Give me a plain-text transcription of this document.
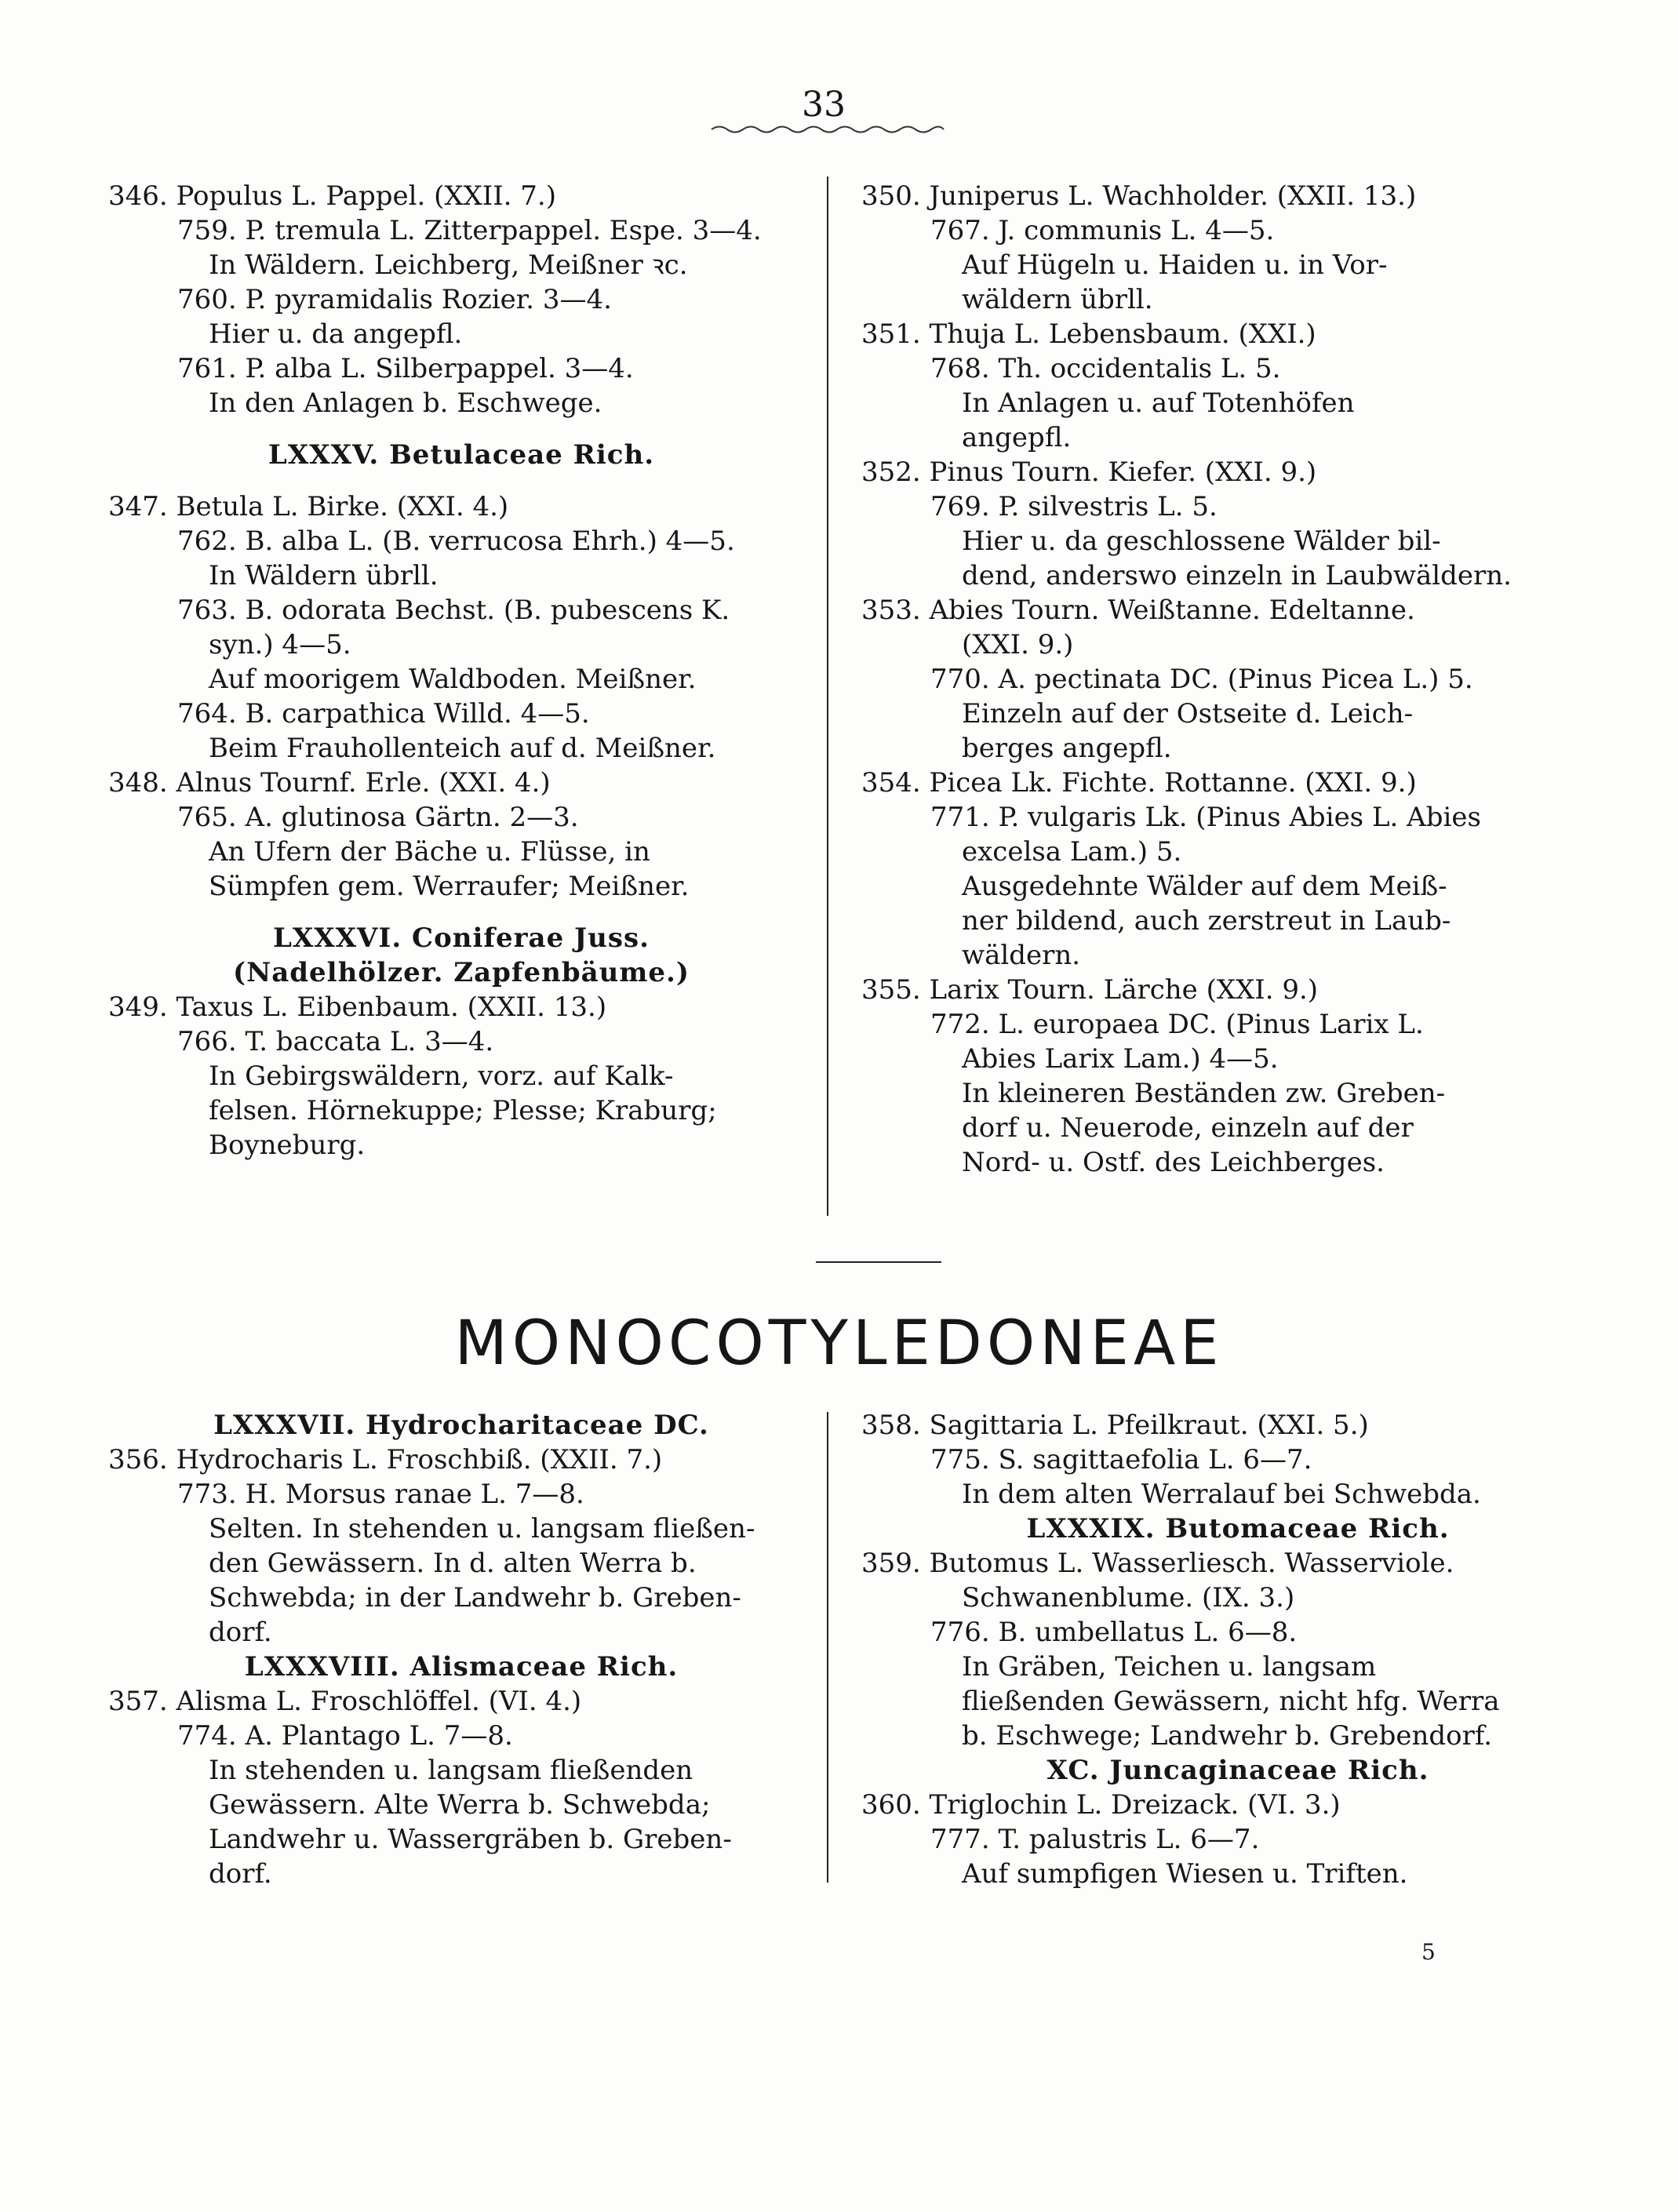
33
346. Populus L. Pappel. (XXII. 7.)
759. P. tremula L. Zitterpappel. Espe. 3—4.
In Wäldern. Leichberg, Meißner ꝛc.
760. P. pyramidalis Rozier. 3—4.
Hier u. da angepfl.
761. P. alba L. Silberpappel. 3—4.
In den Anlagen b. Eschwege.
LXXXV. Betulaceae Rich.
347. Betula L. Birke. (XXI. 4.)
762. B. alba L. (B. verrucosa Ehrh.) 4—5.
In Wäldern übrll.
763. B. odorata Bechst. (B. pubescens K.
syn.) 4—5.
Auf moorigem Waldboden. Meißner.
764. B. carpathica Willd. 4—5.
Beim Frauhollenteich auf d. Meißner.
348. Alnus Tournf. Erle. (XXI. 4.)
765. A. glutinosa Gärtn. 2—3.
An Ufern der Bäche u. Flüsse, in
Sümpfen gem. Werraufer; Meißner.
LXXXVI. Coniferae Juss.
(Nadelhölzer. Zapfenbäume.)
349. Taxus L. Eibenbaum. (XXII. 13.)
766. T. baccata L. 3—4.
In Gebirgswäldern, vorz. auf Kalk-
felsen. Hörnekuppe; Plesse; Kraburg;
Boyneburg.
350. Juniperus L. Wachholder. (XXII. 13.)
767. J. communis L. 4—5.
Auf Hügeln u. Haiden u. in Vor-
wäldern übrll.
351. Thuja L. Lebensbaum. (XXI.)
768. Th. occidentalis L. 5.
In Anlagen u. auf Totenhöfen
angepfl.
352. Pinus Tourn. Kiefer. (XXI. 9.)
769. P. silvestris L. 5.
Hier u. da geschlossene Wälder bil-
dend, anderswo einzeln in Laubwäldern.
353. Abies Tourn. Weißtanne. Edeltanne.
(XXI. 9.)
770. A. pectinata DC. (Pinus Picea L.) 5.
Einzeln auf der Ostseite d. Leich-
berges angepfl.
354. Picea Lk. Fichte. Rottanne. (XXI. 9.)
771. P. vulgaris Lk. (Pinus Abies L. Abies
excelsa Lam.) 5.
Ausgedehnte Wälder auf dem Meiß-
ner bildend, auch zerstreut in Laub-
wäldern.
355. Larix Tourn. Lärche (XXI. 9.)
772. L. europaea DC. (Pinus Larix L.
Abies Larix Lam.) 4—5.
In kleineren Beständen zw. Greben-
dorf u. Neuerode, einzeln auf der
Nord- u. Ostf. des Leichberges.
MONOCOTYLEDONEAE
LXXXVII. Hydrocharitaceae DC.
356. Hydrocharis L. Froschbiß. (XXII. 7.)
773. H. Morsus ranae L. 7—8.
Selten. In stehenden u. langsam fließen-
den Gewässern. In d. alten Werra b.
Schwebda; in der Landwehr b. Greben-
dorf.
LXXXVIII. Alismaceae Rich.
357. Alisma L. Froschlöffel. (VI. 4.)
774. A. Plantago L. 7—8.
In stehenden u. langsam fließenden
Gewässern. Alte Werra b. Schwebda;
Landwehr u. Wassergräben b. Greben-
dorf.
358. Sagittaria L. Pfeilkraut. (XXI. 5.)
775. S. sagittaefolia L. 6—7.
In dem alten Werralauf bei Schwebda.
LXXXIX. Butomaceae Rich.
359. Butomus L. Wasserliesch. Wasserviole.
Schwanenblume. (IX. 3.)
776. B. umbellatus L. 6—8.
In Gräben, Teichen u. langsam
fließenden Gewässern, nicht hfg. Werra
b. Eschwege; Landwehr b. Grebendorf.
XC. Juncaginaceae Rich.
360. Triglochin L. Dreizack. (VI. 3.)
777. T. palustris L. 6—7.
Auf sumpfigen Wiesen u. Triften.
5
